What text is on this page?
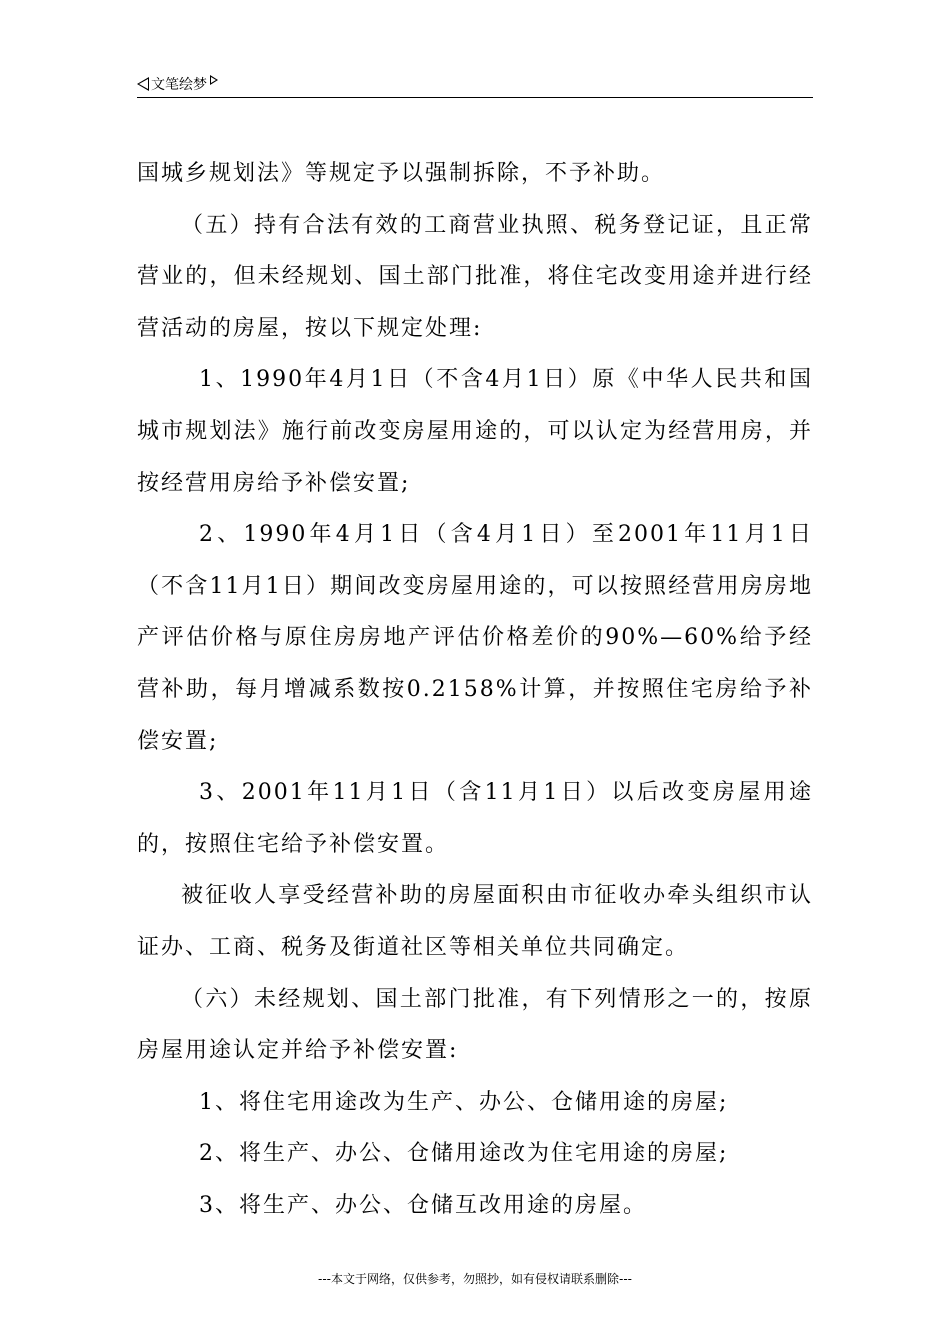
文笔绘梦

国城乡规划法》等规定予以强制拆除，不予补助。

（五）持有合法有效的工商营业执照、税务登记证，且正常营业的，但未经规划、国土部门批准，将住宅改变用途并进行经营活动的房屋，按以下规定处理:

1、1990年4月1日（不含4月1日）原《中华人民共和国城市规划法》施行前改变房屋用途的，可以认定为经营用房，并按经营用房给予补偿安置;

2、1990年4月1日（含4月1日）至2001年11月1日（不含11月1日）期间改变房屋用途的，可以按照经营用房房地产评估价格与原住房房地产评估价格差价的90%—60%给予经营补助，每月增减系数按0.2158%计算，并按照住宅房给予补偿安置;

3、2001年11月1日（含11月1日）以后改变房屋用途的，按照住宅给予补偿安置。

被征收人享受经营补助的房屋面积由市征收办牵头组织市认证办、工商、税务及街道社区等相关单位共同确定。

（六）未经规划、国土部门批准，有下列情形之一的，按原房屋用途认定并给予补偿安置:

1、将住宅用途改为生产、办公、仓储用途的房屋;

2、将生产、办公、仓储用途改为住宅用途的房屋;

3、将生产、办公、仓储互改用途的房屋。

---本文于网络，仅供参考，勿照抄，如有侵权请联系删除---
